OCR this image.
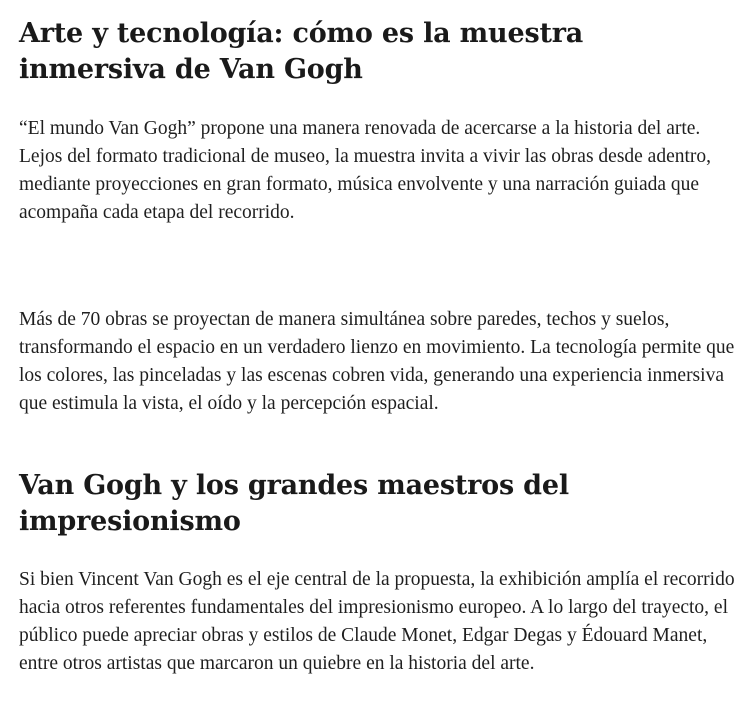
Arte y tecnología: cómo es la muestra inmersiva de Van Gogh

“El mundo Van Gogh” propone una manera renovada de acercarse a la historia del arte. Lejos del formato tradicional de museo, la muestra invita a vivir las obras desde adentro, mediante proyecciones en gran formato, música envolvente y una narración guiada que acompaña cada etapa del recorrido.

Más de 70 obras se proyectan de manera simultánea sobre paredes, techos y suelos, transformando el espacio en un verdadero lienzo en movimiento. La tecnología permite que los colores, las pinceladas y las escenas cobren vida, generando una experiencia inmersiva que estimula la vista, el oído y la percepción espacial.

Van Gogh y los grandes maestros del impresionismo

Si bien Vincent Van Gogh es el eje central de la propuesta, la exhibición amplía el recorrido hacia otros referentes fundamentales del impresionismo europeo. A lo largo del trayecto, el público puede apreciar obras y estilos de Claude Monet, Edgar Degas y Édouard Manet, entre otros artistas que marcaron un quiebre en la historia del arte.
